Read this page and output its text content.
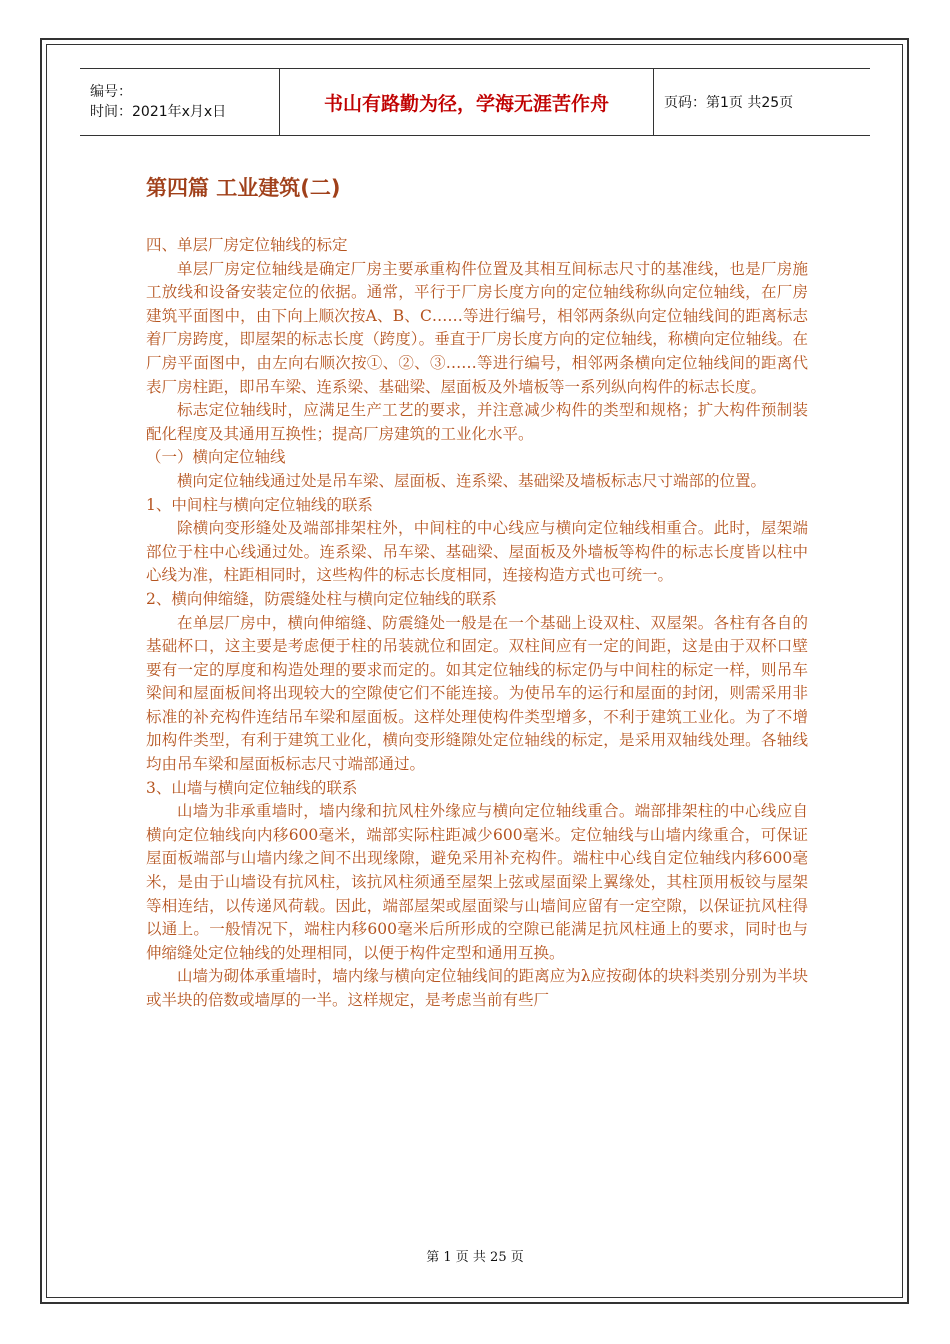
编号：
时间：2021年x月x日	书山有路勤为径，学海无涯苦作舟	页码：第1页 共25页
第四篇 工业建筑(二)

四、单层厂房定位轴线的标定

单层厂房定位轴线是确定厂房主要承重构件位置及其相互间标志尺寸的基准线，也是厂房施工放线和设备安装定位的依据。通常，平行于厂房长度方向的定位轴线称纵向定位轴线，在厂房建筑平面图中，由下向上顺次按A、B、C……等进行编号，相邻两条纵向定位轴线间的距离标志着厂房跨度，即屋架的标志长度（跨度）。垂直于厂房长度方向的定位轴线，称横向定位轴线。在厂房平面图中，由左向右顺次按①、②、③……等进行编号，相邻两条横向定位轴线间的距离代表厂房柱距，即吊车梁、连系梁、基础梁、屋面板及外墙板等一系列纵向构件的标志长度。

标志定位轴线时，应满足生产工艺的要求，并注意减少构件的类型和规格；扩大构件预制装配化程度及其通用互换性；提高厂房建筑的工业化水平。

（一）横向定位轴线

横向定位轴线通过处是吊车梁、屋面板、连系梁、基础梁及墙板标志尺寸端部的位置。

1、中间柱与横向定位轴线的联系

除横向变形缝处及端部排架柱外，中间柱的中心线应与横向定位轴线相重合。此时，屋架端部位于柱中心线通过处。连系梁、吊车梁、基础梁、屋面板及外墙板等构件的标志长度皆以柱中心线为准，柱距相同时，这些构件的标志长度相同，连接构造方式也可统一。

2、横向伸缩缝，防震缝处柱与横向定位轴线的联系

在单层厂房中，横向伸缩缝、防震缝处一般是在一个基础上设双柱、双屋架。各柱有各自的基础杯口，这主要是考虑便于柱的吊装就位和固定。双柱间应有一定的间距，这是由于双杯口壁要有一定的厚度和构造处理的要求而定的。如其定位轴线的标定仍与中间柱的标定一样，则吊车梁间和屋面板间将出现较大的空隙使它们不能连接。为使吊车的运行和屋面的封闭，则需采用非标准的补充构件连结吊车梁和屋面板。这样处理使构件类型增多，不利于建筑工业化。为了不增加构件类型，有利于建筑工业化，横向变形缝隙处定位轴线的标定，是采用双轴线处理。各轴线均由吊车梁和屋面板标志尺寸端部通过。

3、山墙与横向定位轴线的联系

山墙为非承重墙时，墙内缘和抗风柱外缘应与横向定位轴线重合。端部排架柱的中心线应自横向定位轴线向内移600毫米，端部实际柱距减少600毫米。定位轴线与山墙内缘重合，可保证屋面板端部与山墙内缘之间不出现缘隙，避免采用补充构件。端柱中心线自定位轴线内移600毫米，是由于山墙设有抗风柱，该抗风柱须通至屋架上弦或屋面梁上翼缘处，其柱顶用板铰与屋架等相连结，以传递风荷载。因此，端部屋架或屋面梁与山墙间应留有一定空隙，以保证抗风柱得以通上。一般情况下，端柱内移600毫米后所形成的空隙已能满足抗风柱通上的要求，同时也与伸缩缝处定位轴线的处理相同，以便于构件定型和通用互换。

山墙为砌体承重墙时，墙内缘与横向定位轴线间的距离应为λ应按砌体的块料类别分别为半块或半块的倍数或墙厚的一半。这样规定，是考虑当前有些厂

第 1 页 共 25 页
